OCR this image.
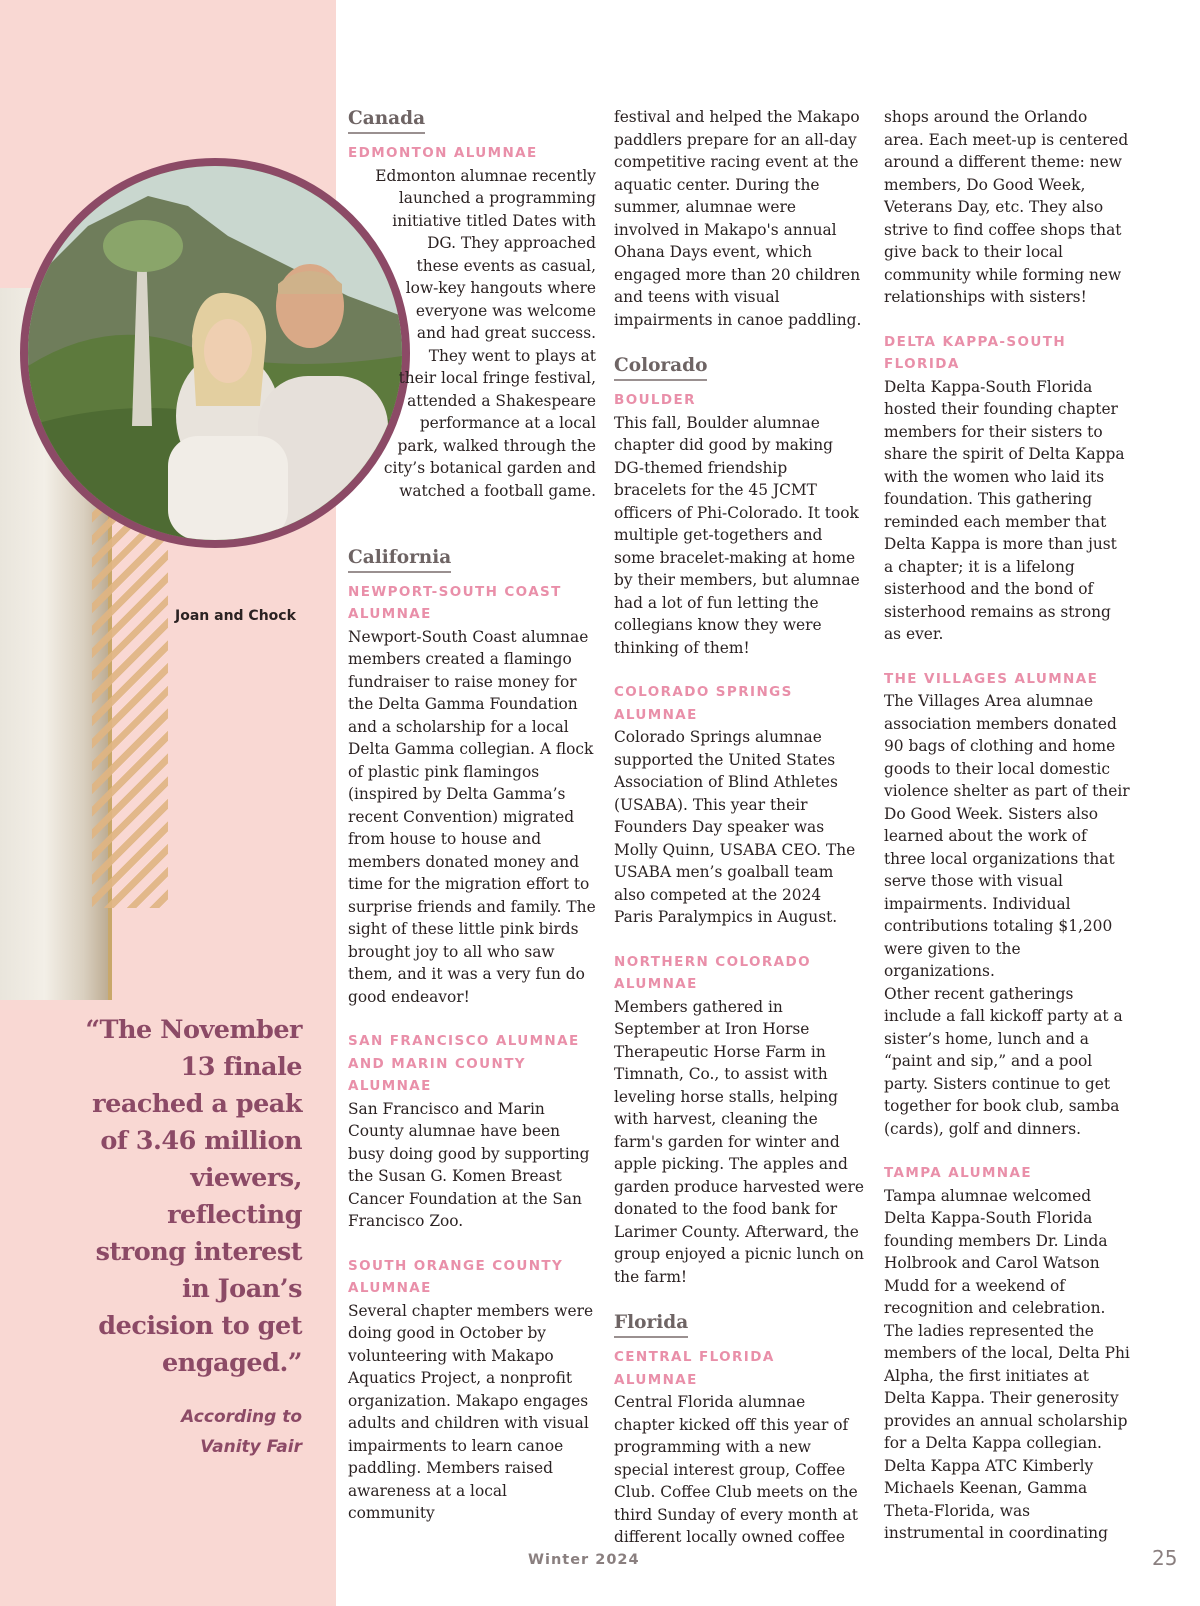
Joan and Chock
“The November 13 finale reached a peak of 3.46 million viewers, reflecting strong interest in Joan’s decision to get engaged.”
According to
Vanity Fair
Canada
EDMONTON ALUMNAE

Edmonton alumnae recently launched a programming initiative titled Dates with DG. They approached these events as casual, low-key hangouts where everyone was welcome and had great success. They went to plays at their local fringe festival, attended a Shakespeare performance at a local park, walked through the city’s botanical garden and watched a football game.

California
NEWPORT-SOUTH COAST ALUMNAE

Newport-South Coast alumnae members created a flamingo fundraiser to raise money for the Delta Gamma Foundation and a scholarship for a local Delta Gamma collegian. A flock of plastic pink flamingos (inspired by Delta Gamma’s recent Convention) migrated from house to house and members donated money and time for the migration effort to surprise friends and family. The sight of these little pink birds brought joy to all who saw them, and it was a very fun do good endeavor!

SAN FRANCISCO ALUMNAE AND MARIN COUNTY ALUMNAE

San Francisco and Marin County alumnae have been busy doing good by supporting the Susan G. Komen Breast Cancer Foundation at the San Francisco Zoo.

SOUTH ORANGE COUNTY ALUMNAE

Several chapter members were doing good in October by volunteering with Makapo Aquatics Project, a nonprofit organization. Makapo engages adults and children with visual impairments to learn canoe paddling. Members raised awareness at a local community

festival and helped the Makapo paddlers prepare for an all-day competitive racing event at the aquatic center. During the summer, alumnae were involved in Makapo's annual Ohana Days event, which engaged more than 20 children and teens with visual impairments in canoe paddling.

Colorado
BOULDER

This fall, Boulder alumnae chapter did good by making DG-themed friendship bracelets for the 45 JCMT officers of Phi-Colorado. It took multiple get-togethers and some bracelet-making at home by their members, but alumnae had a lot of fun letting the collegians know they were thinking of them!

COLORADO SPRINGS ALUMNAE

Colorado Springs alumnae supported the United States Association of Blind Athletes (USABA). This year their Founders Day speaker was Molly Quinn, USABA CEO. The USABA men’s goalball team also competed at the 2024 Paris Paralympics in August.

NORTHERN COLORADO ALUMNAE

Members gathered in September at Iron Horse Therapeutic Horse Farm in Timnath, Co., to assist with leveling horse stalls, helping with harvest, cleaning the farm's garden for winter and apple picking. The apples and garden produce harvested were donated to the food bank for Larimer County. Afterward, the group enjoyed a picnic lunch on the farm!

Florida
CENTRAL FLORIDA ALUMNAE

Central Florida alumnae chapter kicked off this year of programming with a new special interest group, Coffee Club. Coffee Club meets on the third Sunday of every month at different locally owned coffee

shops around the Orlando area. Each meet-up is centered around a different theme: new members, Do Good Week, Veterans Day, etc. They also strive to find coffee shops that give back to their local community while forming new relationships with sisters!

DELTA KAPPA-SOUTH FLORIDA

Delta Kappa-South Florida hosted their founding chapter members for their sisters to share the spirit of Delta Kappa with the women who laid its foundation. This gathering reminded each member that Delta Kappa is more than just a chapter; it is a lifelong sisterhood and the bond of sisterhood remains as strong as ever.

THE VILLAGES ALUMNAE

The Villages Area alumnae association members donated 90 bags of clothing and home goods to their local domestic violence shelter as part of their Do Good Week. Sisters also learned about the work of three local organizations that serve those with visual impairments. Individual contributions totaling $1,200 were given to the organizations.

Other recent gatherings include a fall kickoff party at a sister’s home, lunch and a “paint and sip,” and a pool party. Sisters continue to get together for book club, samba (cards), golf and dinners.

TAMPA ALUMNAE

Tampa alumnae welcomed Delta Kappa-South Florida founding members Dr. Linda Holbrook and Carol Watson Mudd for a weekend of recognition and celebration. The ladies represented the members of the local, Delta Phi Alpha, the first initiates at Delta Kappa. Their generosity provides an annual scholarship for a Delta Kappa collegian. Delta Kappa ATC Kimberly Michaels Keenan, Gamma Theta-Florida, was instrumental in coordinating

Winter 2024	25
